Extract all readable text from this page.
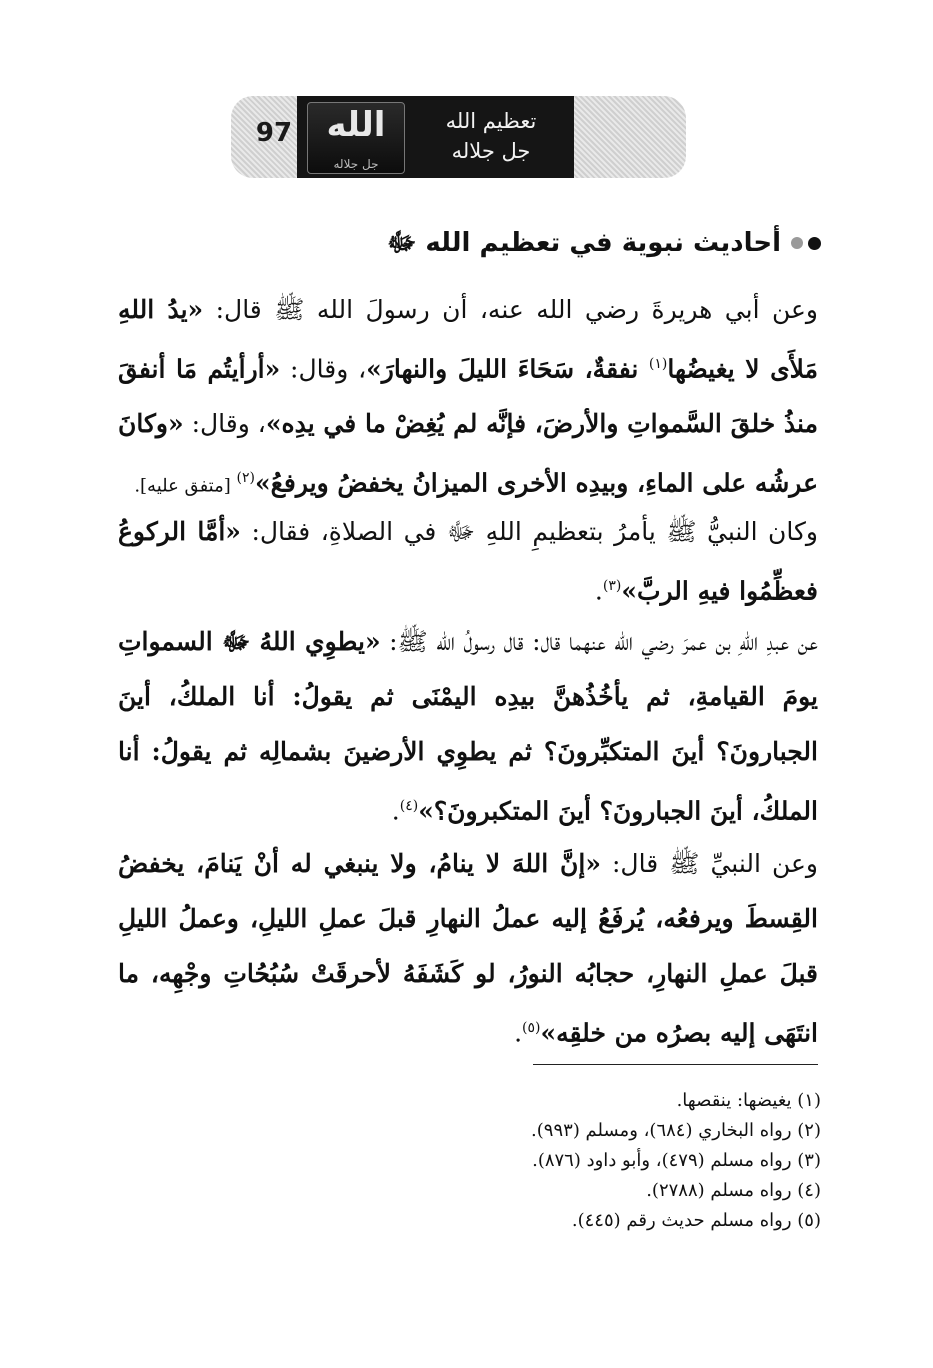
97	الله
جل جلاله
تعظيم الله
جل جلاله
أحاديث نبوية في تعظيم الله ﷻ
وعن أبي هريرةَ رضي الله عنه، أن رسولَ الله ﷺ قال: «يدُ اللهِ مَلأَى لا يغيضُها$^{(١)}$ نفقةٌ، سَحَاءَ الليلَ والنهارَ»، وقال: «أرأيتُم مَا أنفقَ منذُ خلقَ السَّمواتِ والأرضَ، فإنَّه لم يُغِضْ ما في يدِه»، وقال: «وكانَ عرشُه على الماءِ، وبيدِه الأخرى الميزانُ يخفضُ ويرفعُ»$^{(٢)}$ [متفق عليه].
وكان النبيُّ ﷺ يأمرُ بتعظيمِ اللهِ ﷻ في الصلاةِ، فقال: «أمَّا الركوعُ فعظِّمُوا فيهِ الربَّ»$^{(٣)}$.
عن عبدِ اللهِ بن عمرَ رضي الله عنهما قال: قال رسولُ الله ﷺ: «يطوِي اللهُ ﷻ السمواتِ يومَ القيامةِ، ثم يأخُذُهنَّ بيدِه اليمْنَى ثم يقولُ: أنا الملكُ، أينَ الجبارونَ؟ أينَ المتكبِّرونَ؟ ثم يطوِي الأرضينَ بشمالِه ثم يقولُ: أنا الملكُ، أينَ الجبارونَ؟ أينَ المتكبرونَ؟»$^{(٤)}$.
وعن النبيِّ ﷺ قال: «إنَّ اللهَ لا ينامُ، ولا ينبغي له أنْ يَنامَ، يخفضُ القِسطَ ويرفعُه، يُرفَعُ إليه عملُ النهارِ قبلَ عملِ الليلِ، وعملُ الليلِ قبلَ عملِ النهارِ، حجابُه النورُ، لو كَشَفَهُ لأحرقَتْ سُبُحُاتِ وجْهِه، ما انتَهَى إليه بصرُه من خلقِه»$^{(٥)}$.
(١) يغيضها: ينقصها.
(٢) رواه البخاري (٦٨٤)، ومسلم (٩٩٣).
(٣) رواه مسلم (٤٧٩)، وأبو داود (٨٧٦).
(٤) رواه مسلم (٢٧٨٨).
(٥) رواه مسلم حديث رقم (٤٤٥).
